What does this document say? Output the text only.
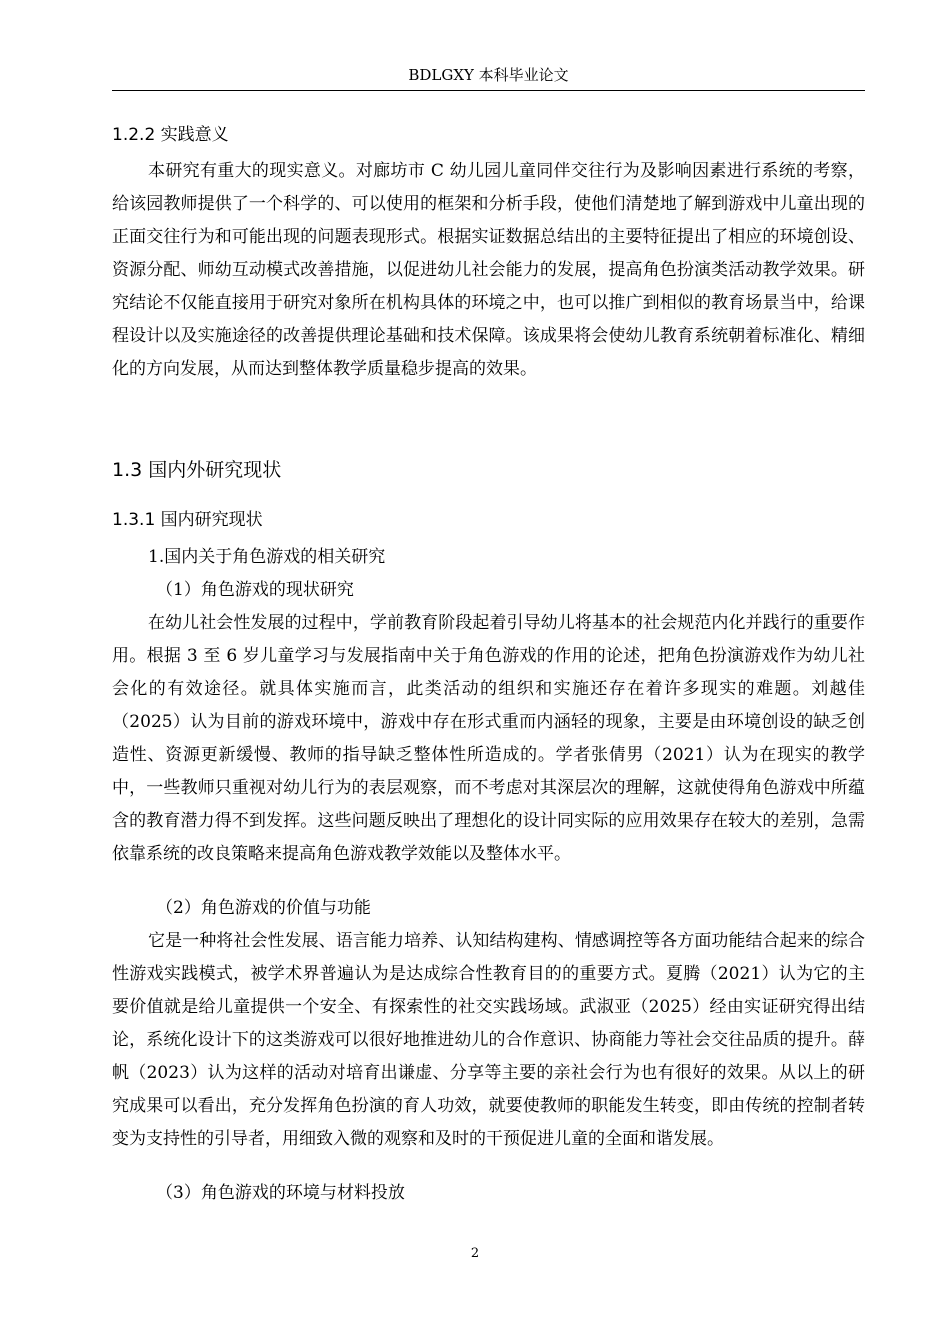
BDLGXY 本科毕业论文
1.2.2 实践意义
本研究有重大的现实意义。对廊坊市 C 幼儿园儿童同伴交往行为及影响因素进行系统的考察，给该园教师提供了一个科学的、可以使用的框架和分析手段，使他们清楚地了解到游戏中儿童出现的正面交往行为和可能出现的问题表现形式。根据实证数据总结出的主要特征提出了相应的环境创设、资源分配、师幼互动模式改善措施，以促进幼儿社会能力的发展，提高角色扮演类活动教学效果。研究结论不仅能直接用于研究对象所在机构具体的环境之中，也可以推广到相似的教育场景当中，给课程设计以及实施途径的改善提供理论基础和技术保障。该成果将会使幼儿教育系统朝着标准化、精细化的方向发展，从而达到整体教学质量稳步提高的效果。
1.3 国内外研究现状
1.3.1 国内研究现状
1.国内关于角色游戏的相关研究
（1）角色游戏的现状研究
在幼儿社会性发展的过程中，学前教育阶段起着引导幼儿将基本的社会规范内化并践行的重要作用。根据 3 至 6 岁儿童学习与发展指南中关于角色游戏的作用的论述，把角色扮演游戏作为幼儿社会化的有效途径。就具体实施而言，此类活动的组织和实施还存在着许多现实的难题。刘越佳（2025）认为目前的游戏环境中，游戏中存在形式重而内涵轻的现象，主要是由环境创设的缺乏创造性、资源更新缓慢、教师的指导缺乏整体性所造成的。学者张倩男（2021）认为在现实的教学中，一些教师只重视对幼儿行为的表层观察，而不考虑对其深层次的理解，这就使得角色游戏中所蕴含的教育潜力得不到发挥。这些问题反映出了理想化的设计同实际的应用效果存在较大的差别，急需依靠系统的改良策略来提高角色游戏教学效能以及整体水平。
（2）角色游戏的价值与功能
它是一种将社会性发展、语言能力培养、认知结构建构、情感调控等各方面功能结合起来的综合性游戏实践模式，被学术界普遍认为是达成综合性教育目的的重要方式。夏腾（2021）认为它的主要价值就是给儿童提供一个安全、有探索性的社交实践场域。武淑亚（2025）经由实证研究得出结论，系统化设计下的这类游戏可以很好地推进幼儿的合作意识、协商能力等社会交往品质的提升。薛帆（2023）认为这样的活动对培育出谦虚、分享等主要的亲社会行为也有很好的效果。从以上的研究成果可以看出，充分发挥角色扮演的育人功效，就要使教师的职能发生转变，即由传统的控制者转变为支持性的引导者，用细致入微的观察和及时的干预促进儿童的全面和谐发展。
（3）角色游戏的环境与材料投放
2
